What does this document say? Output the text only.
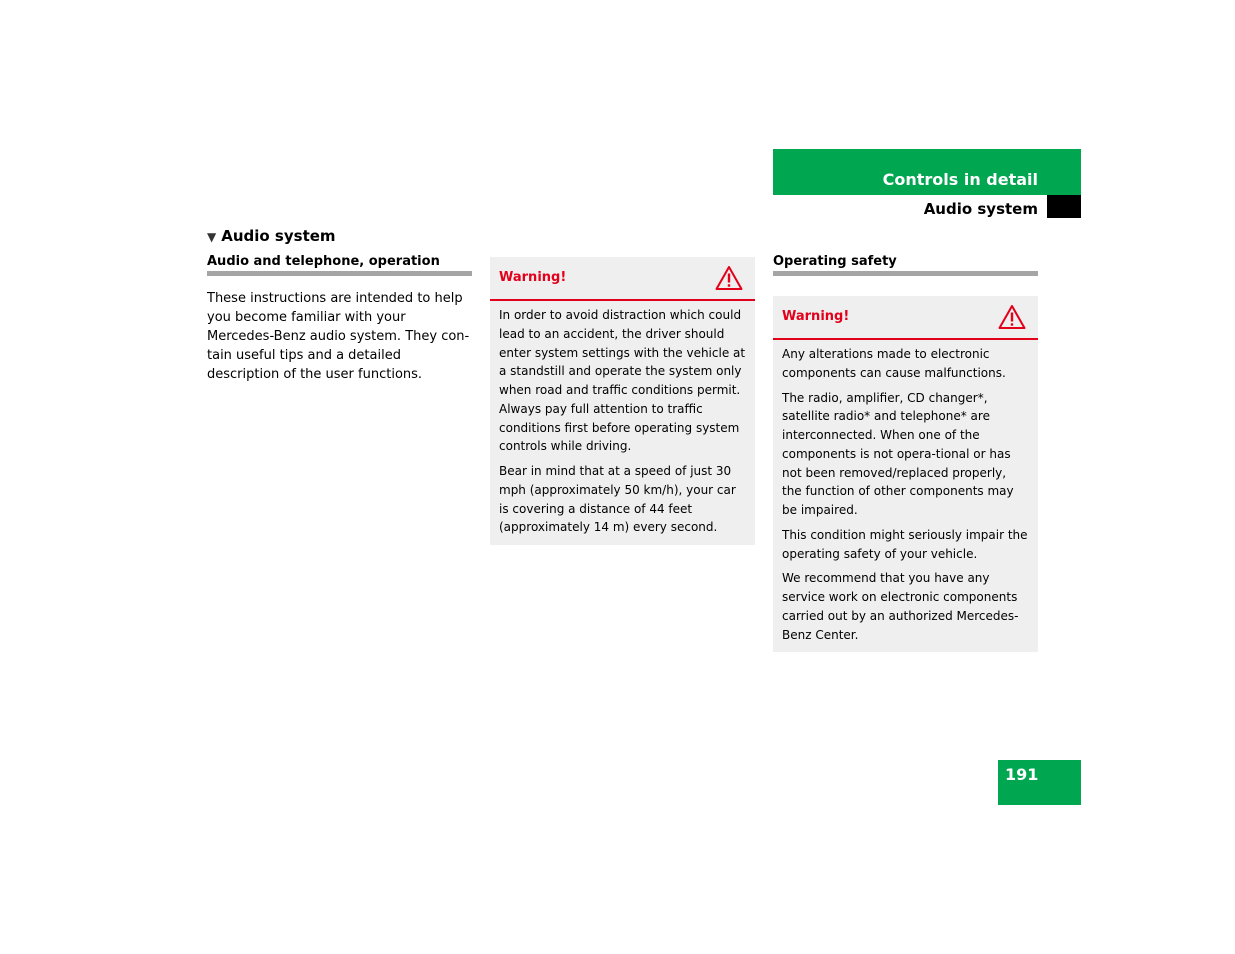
Controls in detail
Audio system
▼ Audio system
Audio and telephone, operation

These instructions are intended to help you become familiar with your Mercedes-Benz audio system. They con-tain useful tips and a detailed description of the user functions.

Warning!

In order to avoid distraction which could lead to an accident, the driver should enter system settings with the vehicle at a standstill and operate the system only when road and traffic conditions permit. Always pay full attention to traffic conditions first before operating system controls while driving.

Bear in mind that at a speed of just 30 mph (approximately 50 km/h), your car is covering a distance of 44 feet (approximately 14 m) every second.

Operating safety
Warning!

Any alterations made to electronic components can cause malfunctions.

The radio, amplifier, CD changer*, satellite radio* and telephone* are interconnected. When one of the components is not opera-tional or has not been removed/replaced properly, the function of other components may be impaired.

This condition might seriously impair the operating safety of your vehicle.

We recommend that you have any service work on electronic components carried out by an authorized Mercedes-Benz Center.

191
